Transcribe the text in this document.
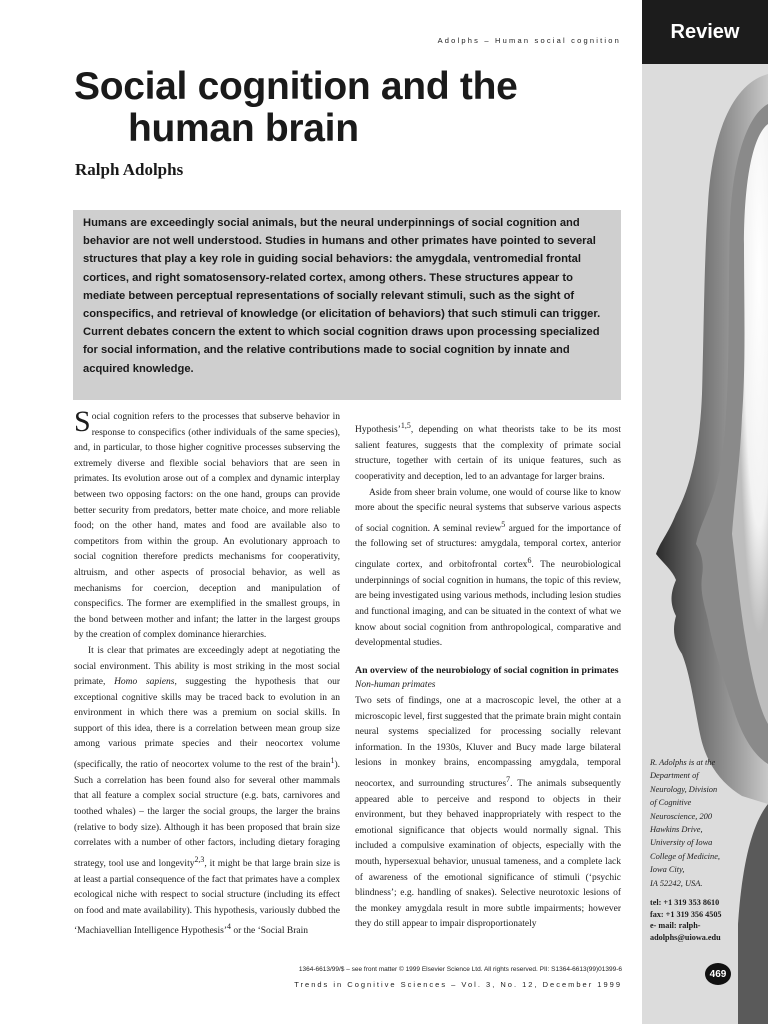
Review
Adolphs – Human social cognition
Social cognition and the
human brain
Ralph Adolphs
Humans are exceedingly social animals, but the neural underpinnings of social cognition and behavior are not well understood. Studies in humans and other primates have pointed to several structures that play a key role in guiding social behaviors: the amygdala, ventromedial frontal cortices, and right somatosensory-related cortex, among others. These structures appear to mediate between perceptual representations of socially relevant stimuli, such as the sight of conspecifics, and retrieval of knowledge (or elicitation of behaviors) that such stimuli can trigger. Current debates concern the extent to which social cognition draws upon processing specialized for social information, and the relative contributions made to social cognition by innate and acquired knowledge.

Social cognition refers to the processes that subserve behavior in response to conspecifics (other individuals of the same species), and, in particular, to those higher cognitive processes subserving the extremely diverse and flexible social behaviors that are seen in primates. Its evolution arose out of a complex and dynamic interplay between two opposing factors: on the one hand, groups can provide better security from predators, better mate choice, and more reliable food; on the other hand, mates and food are available also to competitors from within the group. An evolutionary approach to social cognition therefore predicts mechanisms for cooperativity, altruism, and other aspects of prosocial behavior, as well as mechanisms for coercion, deception and manipulation of conspecifics. The former are exemplified in the smallest groups, in the bond between mother and infant; the latter in the largest groups by the creation of complex dominance hierarchies.

It is clear that primates are exceedingly adept at negotiating the social environment. This ability is most striking in the most social primate, Homo sapiens, suggesting the hypothesis that our exceptional cognitive skills may be traced back to evolution in an environment in which there was a premium on social skills. In support of this idea, there is a correlation between mean group size among various primate species and their neocortex volume (specifically, the ratio of neocortex volume to the rest of the brain$^1$). Such a correlation has been found also for several other mammals that all feature a complex social structure (e.g. bats, carnivores and toothed whales) – the larger the social groups, the larger the brains (relative to body size). Although it has been proposed that brain size correlates with a number of other factors, including dietary foraging strategy, tool use and longevity$^{2,3}$, it might be that large brain size is at least a partial consequence of the fact that primates have a complex ecological niche with respect to social structure (including its effect on food and mate availability). This hypothesis, variously dubbed the ‘Machiavellian Intelligence Hypothesis’$^4$ or the ‘Social Brain

Hypothesis’$^{1,5}$, depending on what theorists take to be its most salient features, suggests that the complexity of primate social structure, together with certain of its unique features, such as cooperativity and deception, led to an advantage for larger brains.

Aside from sheer brain volume, one would of course like to know more about the specific neural systems that subserve various aspects of social cognition. A seminal review$^5$ argued for the importance of the following set of structures: amygdala, temporal cortex, anterior cingulate cortex, and orbitofrontal cortex$^6$. The neurobiological underpinnings of social cognition in humans, the topic of this review, are being investigated using various methods, including lesion studies and functional imaging, and can be situated in the context of what we know about social cognition from anthropological, comparative and developmental studies.

An overview of the neurobiology of social cognition in primates
Non-human primates

Two sets of findings, one at a macroscopic level, the other at a microscopic level, first suggested that the primate brain might contain neural systems specialized for processing socially relevant information. In the 1930s, Kluver and Bucy made large bilateral lesions in monkey brains, encompassing amygdala, temporal neocortex, and surrounding structures$^7$. The animals subsequently appeared able to perceive and respond to objects in their environment, but they behaved inappropriately with respect to the emotional significance that objects would normally signal. This included a compulsive examination of objects, especially with the mouth, hypersexual behavior, unusual tameness, and a complete lack of awareness of the emotional significance of stimuli (‘psychic blindness’; e.g. handling of snakes). Selective neurotoxic lesions of the monkey amygdala result in more subtle impairments; however they do still appear to impair disproportionately

R. Adolphs is at the
Department of
Neurology, Division
of Cognitive
Neuroscience, 200
Hawkins Drive,
University of Iowa
College of Medicine,
Iowa City,
IA 52242, USA.
tel: +1 319 353 8610
fax: +1 319 356 4505
e- mail: ralph-
adolphs@uiowa.edu
1364-6613/99/$ – see front matter © 1999 Elsevier Science Ltd. All rights reserved. PII: S1364-6613(99)01399-6
Trends in Cognitive Sciences – Vol. 3, No. 12, December 1999
469
